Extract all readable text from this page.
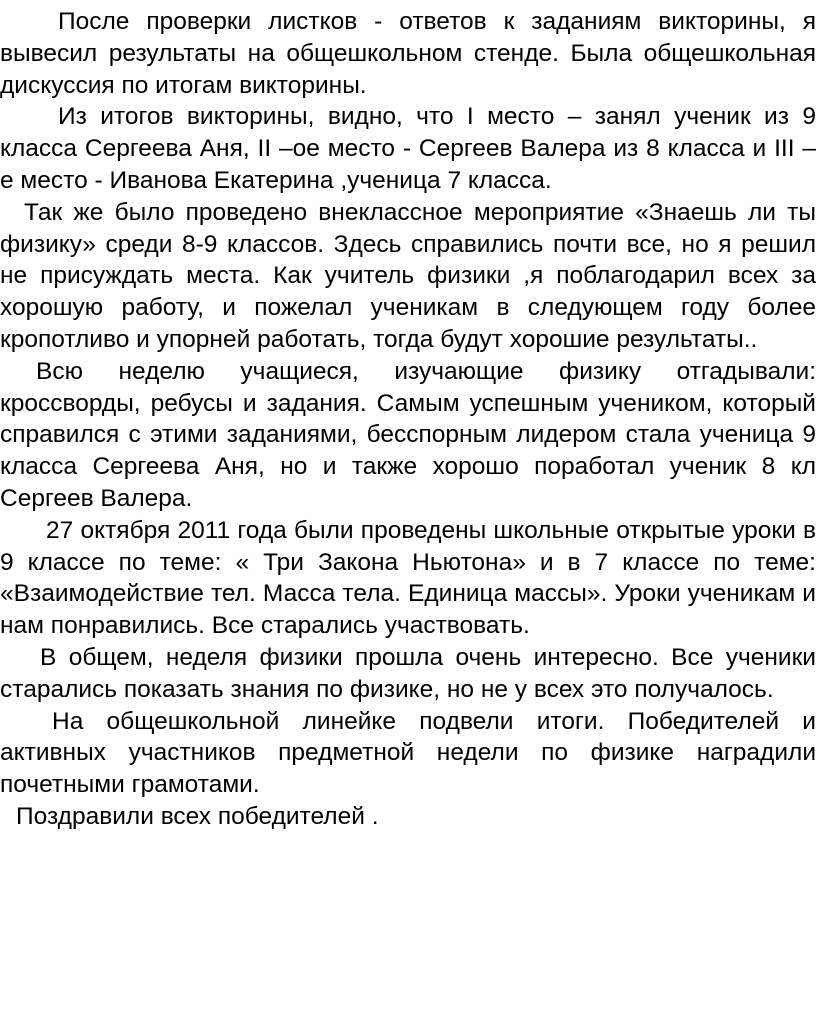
После проверки листков - ответов к заданиям викторины, я вывесил результаты на общешкольном стенде. Была общешкольная дискуссия по итогам викторины.

Из итогов викторины, видно, что I место – занял ученик из 9 класса Сергеева Аня, II –ое место - Сергеев Валера из 8 класса и III – е место - Иванова Екатерина ,ученица 7 класса.

Так же было проведено внеклассное мероприятие «Знаешь ли ты физику» среди 8-9 классов. Здесь справились почти все, но я решил не присуждать места. Как учитель физики ,я поблагодарил всех за хорошую работу, и пожелал ученикам в следующем году более кропотливо и упорней работать, тогда будут хорошие результаты..

Всю неделю учащиеся, изучающие физику отгадывали: кроссворды, ребусы и задания. Самым успешным учеником, который справился с этими заданиями, бесспорным лидером стала ученица 9 класса Сергеева Аня, но и также хорошо поработал ученик 8 кл Сергеев Валера.

27 октября 2011 года были проведены школьные открытые уроки в 9 классе по теме: « Три Закона Ньютона» и в 7 классе по теме: «Взаимодействие тел. Масса тела. Единица массы». Уроки ученикам и нам понравились. Все старались участвовать.

В общем, неделя физики прошла очень интересно. Все ученики старались показать знания по физике, но не у всех это получалось.

На общешкольной линейке подвели итоги. Победителей и активных участников предметной недели по физике наградили почетными грамотами.

Поздравили всех победителей .
